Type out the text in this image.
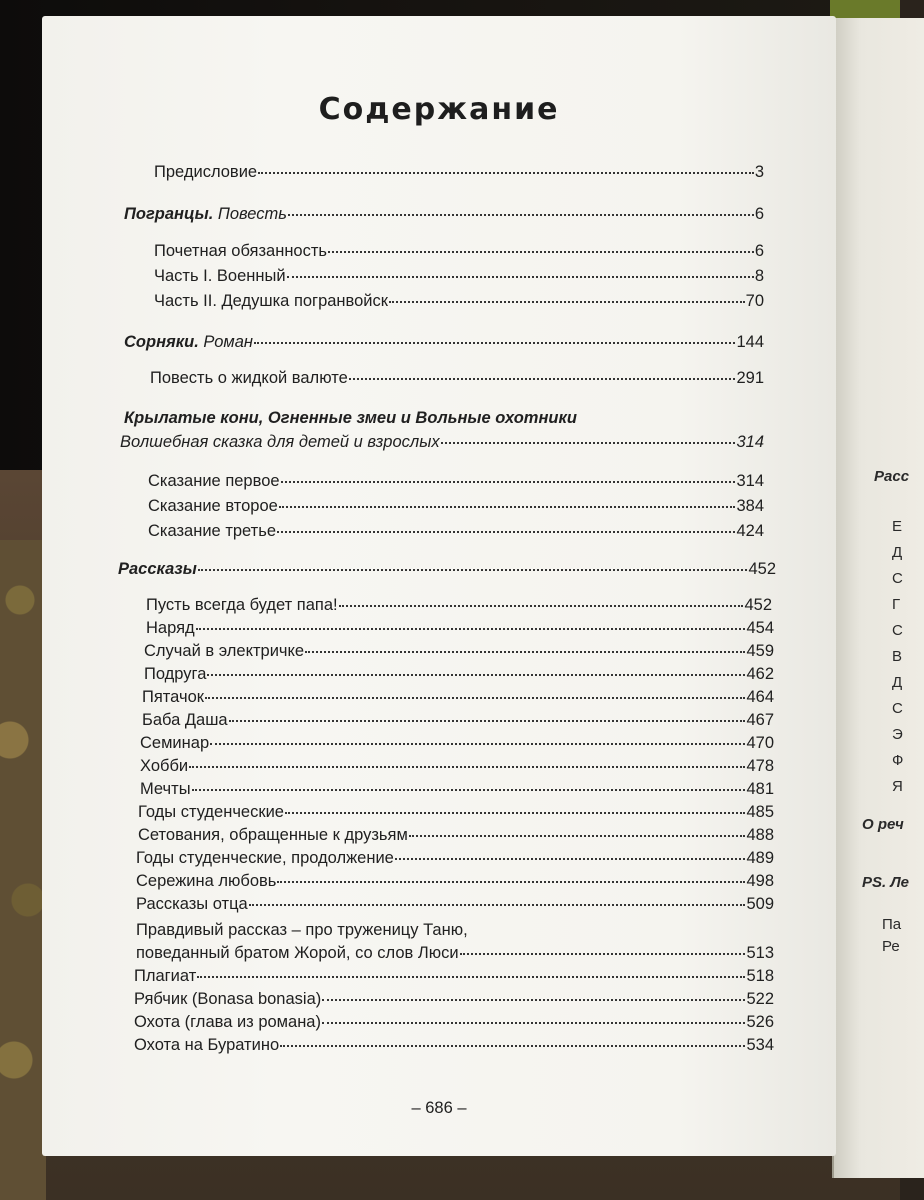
Расс
Е
Д
С
Г
С
В
Д
С
Э
Ф
Я
О реч
PS. Ле
Па
Ре
Содержание
Предисловие	3
Погранцы. Повесть	6
Почетная обязанность	6
Часть I. Военный	8
Часть II. Дедушка погранвойск	70
Сорняки. Роман	144
Повесть о жидкой валюте	291
Крылатые кони, Огненные змеи и Вольные охотники
Волшебная сказка для детей и взрослых	314
Сказание первое	314
Сказание второе	384
Сказание третье	424
Рассказы	452
Пусть всегда будет папа!	452
Наряд	454
Случай в электричке	459
Подруга	462
Пятачок	464
Баба Даша	467
Семинар	470
Хобби	478
Мечты	481
Годы студенческие	485
Сетования, обращенные к друзьям	488
Годы студенческие, продолжение	489
Сережина любовь	498
Рассказы отца	509
Правдивый рассказ – про труженицу Таню,
поведанный братом Жорой, со слов Люси	513
Плагиат	518
Рябчик (Bonasa bonasia)	522
Охота (глава из романа)	526
Охота на Буратино	534
– 686 –
